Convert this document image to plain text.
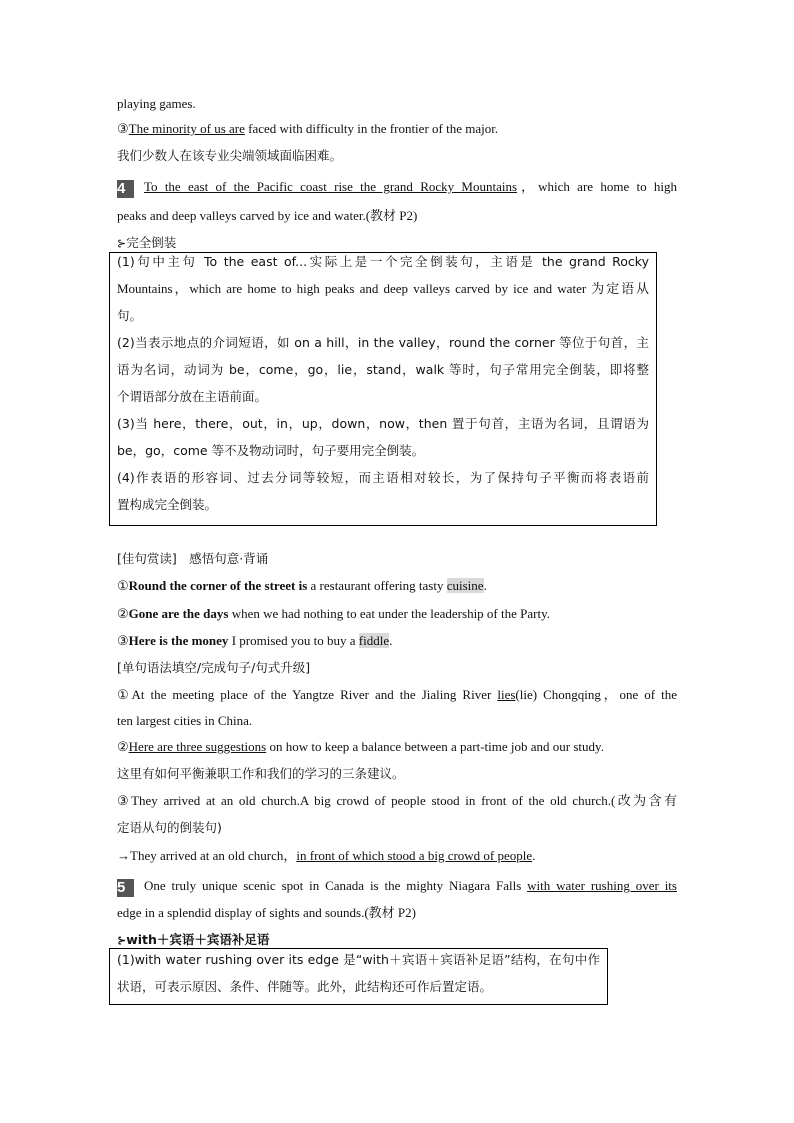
playing games.
③The minority of us are faced with difficulty in the frontier of the major.
我们少数人在该专业尖端领域面临困难。
4 To the east of the Pacific coast rise the grand Rocky Mountains，which are home to high
peaks and deep valleys carved by ice and water.(教材 P2)
⊱完全倒装
(1)句中主句 To the east of...实际上是一个完全倒装句，主语是 the grand Rocky
Mountains，which are home to high peaks and deep valleys carved by ice and water 为定语从
句。
(2)当表示地点的介词短语，如 on a hill，in the valley，round the corner 等位于句首，主
语为名词，动词为 be，come，go，lie，stand，walk 等时，句子常用完全倒装，即将整
个谓语部分放在主语前面。
(3)当 here，there，out，in，up，down，now，then 置于句首，主语为名词，且谓语为
be，go，come 等不及物动词时，句子要用完全倒装。
(4)作表语的形容词、过去分词等较短，而主语相对较长，为了保持句子平衡而将表语前
置构成完全倒装。
[佳句赏读]　感悟句意·背诵
①Round the corner of the street is a restaurant offering tasty cuisine.
②Gone are the days when we had nothing to eat under the leadership of the Party.
③Here is the money I promised you to buy a fiddle.
[单句语法填空/完成句子/句式升级]
①At the meeting place of the Yangtze River and the Jialing River lies(lie) Chongqing，one of the
ten largest cities in China.
②Here are three suggestions on how to keep a balance between a part-time job and our study.
这里有如何平衡兼职工作和我们的学习的三条建议。
③They arrived at an old church.A big crowd of people stood in front of the old church.(改为含有
定语从句的倒装句)
→They arrived at an old church，in front of which stood a big crowd of people.
5 One truly unique scenic spot in Canada is the mighty Niagara Falls with water rushing over its
edge in a splendid display of sights and sounds.(教材 P2)
⊱with＋宾语＋宾语补足语
(1)with water rushing over its edge 是“with＋宾语＋宾语补足语”结构，在句中作
状语，可表示原因、条件、伴随等。此外，此结构还可作后置定语。
